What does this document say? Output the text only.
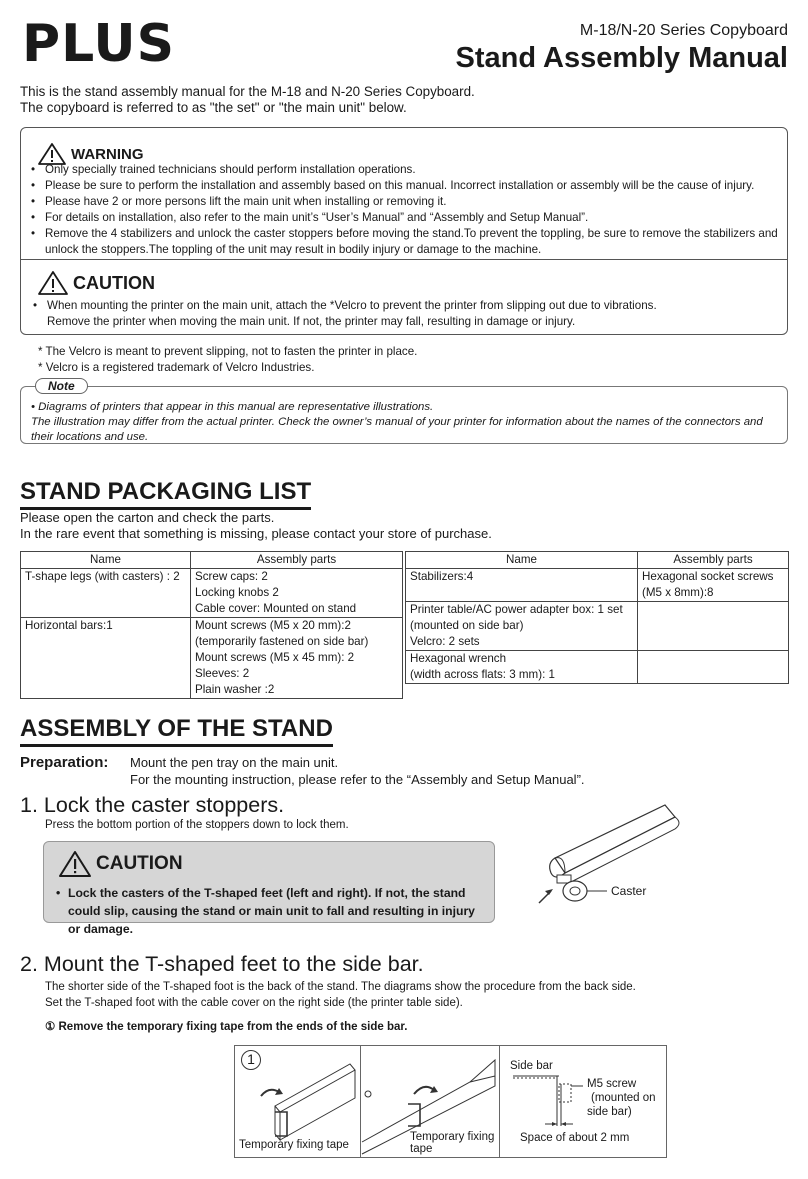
PLUS	M-18/N-20 Series Copyboard
Stand Assembly Manual
This is the stand assembly manual for the M-18 and N-20 Series Copyboard.
The copyboard is referred to as "the set" or "the main unit" below.
WARNING
• Only specially trained technicians should perform installation operations.
• Please be sure to perform the installation and assembly based on this manual. Incorrect installation or assembly will be the cause of injury.
• Please have 2 or more persons lift the main unit when installing or removing it.
• For details on installation, also refer to the main unit’s “User’s Manual” and “Assembly and Setup Manual”.
• Remove the 4 stabilizers and unlock the caster stoppers before moving the stand.To prevent the toppling, be sure to remove the stabilizers and unlock the stoppers.The toppling of the unit may result in bodily injury or damage to the machine.
CAUTION
• When mounting the printer on the main unit, attach the *Velcro to prevent the printer from slipping out due to vibrations.
Remove the printer when moving the main unit. If not, the printer may fall, resulting in damage or injury.
* The Velcro is meant to prevent slipping, not to fasten the printer in place.
* Velcro is a registered trademark of Velcro Industries.
Note
• Diagrams of printers that appear in this manual are representative illustrations.
The illustration may differ from the actual printer. Check the owner’s manual of your printer for information about the names of the connectors and their locations and use.
STAND PACKAGING LIST
Please open the carton and check the parts.
In the rare event that something is missing, please contact your store of purchase.
Name	Assembly parts
T-shape legs (with casters) : 2	Screw caps: 2
Locking knobs 2
Cable cover: Mounted on stand

Horizontal bars:1	Mount screws (M5 x 20 mm):2
(temporarily fastened on side bar)
Mount screws (M5 x 45 mm): 2
Sleeves: 2
Plain washer :2
Name	Assembly parts
Stabilizers:4	Hexagonal socket screws
(M5 x 8mm):8

Printer table/AC power adapter box: 1 set
(mounted on side bar)
Velcro: 2 sets	

Hexagonal wrench
(width across flats: 3 mm): 1	

ASSEMBLY OF THE STAND
Preparation: Mount the pen tray on the main unit.
For the mounting instruction, please refer to the “Assembly and Setup Manual”.
1. Lock the caster stoppers.
Press the bottom portion of the stoppers down to lock them.
CAUTION
• Lock the casters of the T-shaped feet (left and right). If not, the stand could slip, causing the stand or main unit to fall and resulting in injury or damage.
Caster
2. Mount the T-shaped feet to the side bar.
The shorter side of the T-shaped foot is the back of the stand. The diagrams show the procedure from the back side.
Set the T-shaped foot with the cable cover on the right side (the printer table side).
① Remove the temporary fixing tape from the ends of the side bar.
1
Temporary fixing tape
Temporary fixing
tape
Side bar
M5 screw
(mounted on
side bar)
Space of about 2 mm
